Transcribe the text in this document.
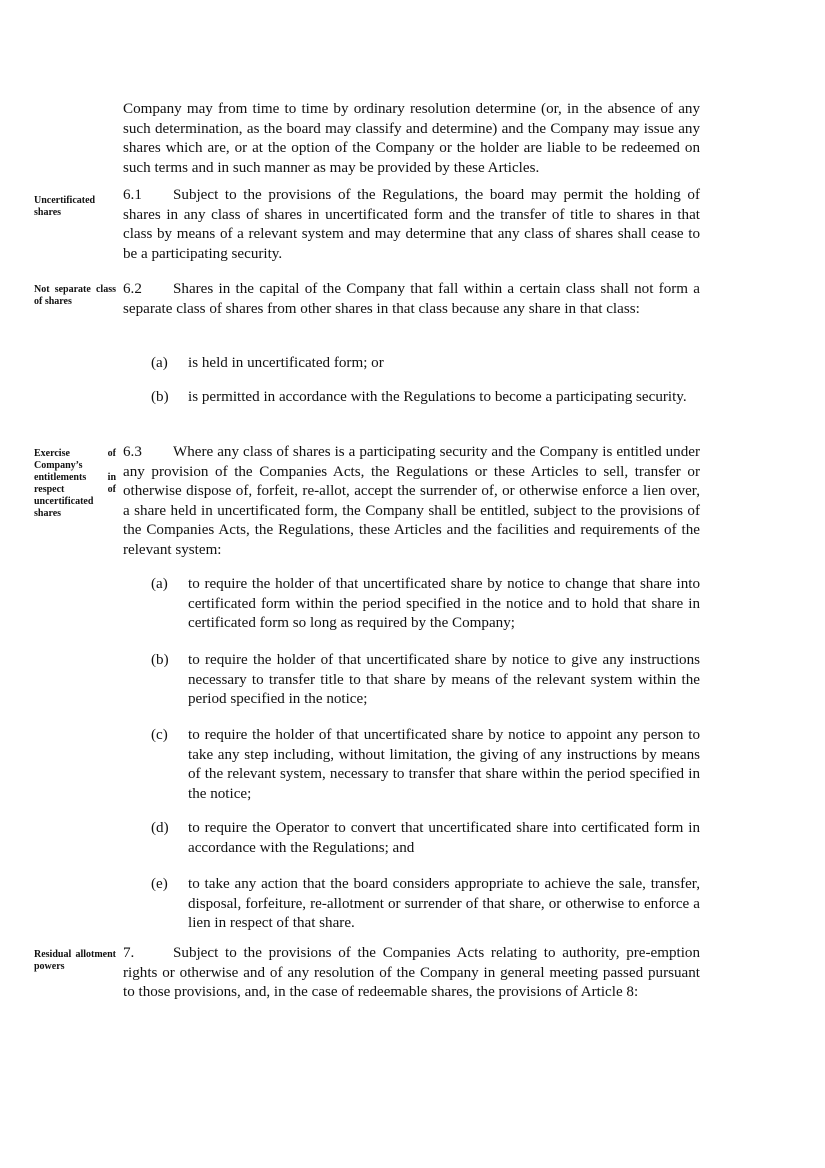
Company may from time to time by ordinary resolution determine (or, in the absence of any such determination, as the board may classify and determine) and the Company may issue any shares which are, or at the option of the Company or the holder are liable to be redeemed on such terms and in such manner as may be provided by these Articles.
Uncertificated shares
6.1 Subject to the provisions of the Regulations, the board may permit the holding of shares in any class of shares in uncertificated form and the transfer of title to shares in that class by means of a relevant system and may determine that any class of shares shall cease to be a participating security.
Not separate class of shares
6.2 Shares in the capital of the Company that fall within a certain class shall not form a separate class of shares from other shares in that class because any share in that class:
(a)	is held in uncertificated form; or
(b)	is permitted in accordance with the Regulations to become a participating security.
Exercise of Company’s entitlements in respect of uncertificated shares
6.3 Where any class of shares is a participating security and the Company is entitled under any provision of the Companies Acts, the Regulations or these Articles to sell, transfer or otherwise dispose of, forfeit, re-allot, accept the surrender of, or otherwise enforce a lien over, a share held in uncertificated form, the Company shall be entitled, subject to the provisions of the Companies Acts, the Regulations, these Articles and the facilities and requirements of the relevant system:
(a)	to require the holder of that uncertificated share by notice to change that share into certificated form within the period specified in the notice and to hold that share in certificated form so long as required by the Company;
(b)	to require the holder of that uncertificated share by notice to give any instructions necessary to transfer title to that share by means of the relevant system within the period specified in the notice;
(c)	to require the holder of that uncertificated share by notice to appoint any person to take any step including, without limitation, the giving of any instructions by means of the relevant system, necessary to transfer that share within the period specified in the notice;
(d)	to require the Operator to convert that uncertificated share into certificated form in accordance with the Regulations; and
(e)	to take any action that the board considers appropriate to achieve the sale, transfer, disposal, forfeiture, re-allotment or surrender of that share, or otherwise to enforce a lien in respect of that share.
Residual allotment powers
7.	Subject to the provisions of the Companies Acts relating to authority, pre-emption rights or otherwise and of any resolution of the Company in general meeting passed pursuant to those provisions, and, in the case of redeemable shares, the provisions of Article 8:
